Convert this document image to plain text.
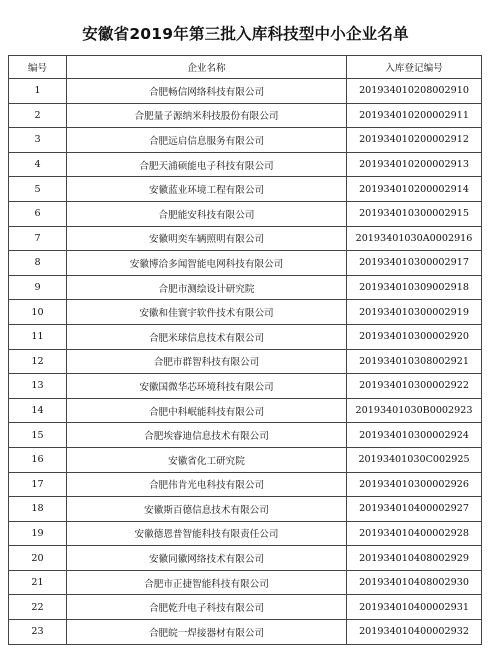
安徽省2019年第三批入库科技型中小企业名单
编号	企业名称	入库登记编号
1	合肥畅信网络科技有限公司	201934010208002910
2	合肥量子源纳米科技股份有限公司	201934010200002911
3	合肥远启信息服务有限公司	201934010200002912
4	合肥天浦硕能电子科技有限公司	201934010200002913
5	安徽蓝业环境工程有限公司	201934010200002914
6	合肥能安科技有限公司	201934010300002915
7	安徽明奕车辆照明有限公司	20193401030A0002916
8	安徽博洽多闻智能电网科技有限公司	201934010300002917
9	合肥市测绘设计研究院	201934010309002918
10	安徽和佳寰宇软件技术有限公司	201934010300002919
11	合肥米球信息技术有限公司	201934010300002920
12	合肥市群智科技有限公司	201934010308002921
13	安徽国微华芯环境科技有限公司	201934010300002922
14	合肥中科岷能科技有限公司	20193401030B0002923
15	合肥埃睿迪信息技术有限公司	201934010300002924
16	安徽省化工研究院	20193401030C002925
17	合肥伟肯光电科技有限公司	201934010300002926
18	安徽斯百德信息技术有限公司	201934010400002927
19	安徽德恩普智能科技有限责任公司	201934010400002928
20	安徽同徽网络技术有限公司	201934010408002929
21	合肥市正捷智能科技有限公司	201934010408002930
22	合肥乾升电子科技有限公司	201934010400002931
23	合肥皖一焊接器材有限公司	201934010400002932
